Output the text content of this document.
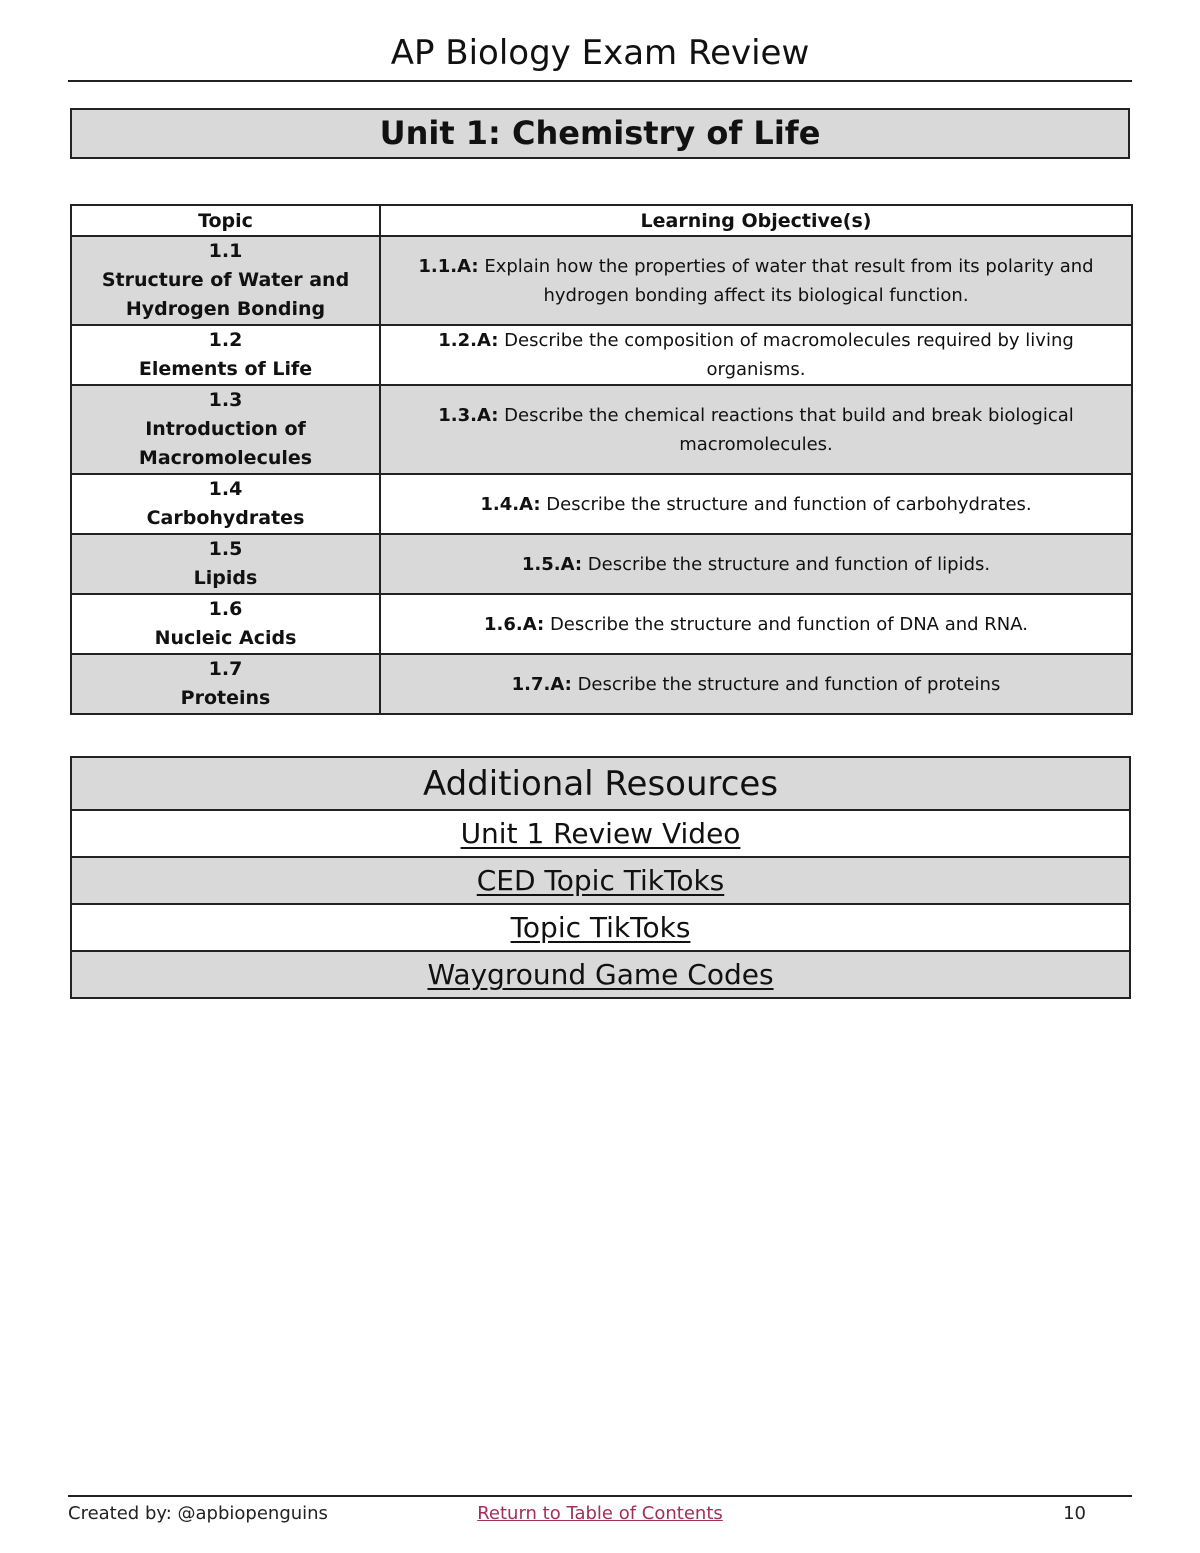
AP Biology Exam Review
Unit 1: Chemistry of Life
Topic	Learning Objective(s)

1.1
Structure of Water and Hydrogen Bonding	1.1.A: Explain how the properties of water that result from its polarity and hydrogen bonding affect its biological function.

1.2
Elements of Life	1.2.A: Describe the composition of macromolecules required by living organisms.

1.3
Introduction of Macromolecules	1.3.A: Describe the chemical reactions that build and break biological macromolecules.

1.4
Carbohydrates	1.4.A: Describe the structure and function of carbohydrates.

1.5
Lipids	1.5.A: Describe the structure and function of lipids.

1.6
Nucleic Acids	1.6.A: Describe the structure and function of DNA and RNA.

1.7
Proteins	1.7.A: Describe the structure and function of proteins
Additional Resources
Unit 1 Review Video
CED Topic TikToks
Topic TikToks
Wayground Game Codes
Created by: @apbiopenguins	Return to Table of Contents	10
